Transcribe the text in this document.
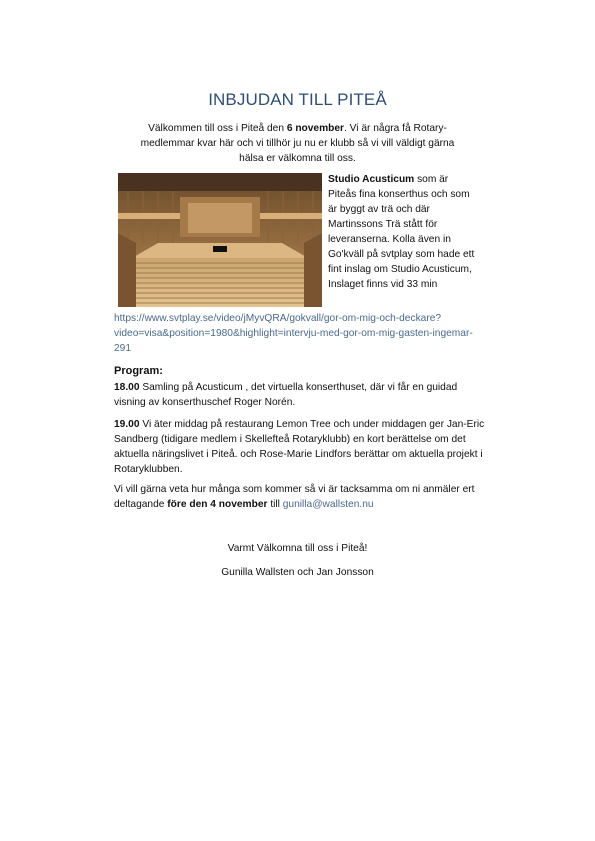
INBJUDAN TILL PITEÅ
Välkommen till oss i Piteå den 6 november. Vi är några få Rotary-medlemmar kvar här och vi tillhör ju nu er klubb så vi vill väldigt gärna hälsa er välkomna till oss.
Studio Acusticum som är Piteås fina konserthus och som är byggt av trä och där Martinssons Trä stått för leveranserna. Kolla även in Go'kväll på svtplay som hade ett fint inslag om Studio Acusticum, Inslaget finns vid 33 min
https://www.svtplay.se/video/jMyvQRA/gokvall/gor-om-mig-och-deckare?video=visa&position=1980&highlight=intervju-med-gor-om-mig-gasten-ingemar-291
Program:
18.00 Samling på Acusticum , det virtuella konserthuset, där vi får en guidad visning av konserthuschef Roger Norén.
19.00 Vi äter middag på restaurang Lemon Tree och under middagen ger Jan-Eric Sandberg (tidigare medlem i Skellefteå Rotaryklubb) en kort berättelse om det aktuella näringslivet i Piteå. och Rose-Marie Lindfors berättar om aktuella projekt i Rotaryklubben.
Vi vill gärna veta hur många som kommer så vi är tacksamma om ni anmäler ert deltagande före den 4 november till gunilla@wallsten.nu
Varmt Välkomna till oss i Piteå!
Gunilla Wallsten och Jan Jonsson
